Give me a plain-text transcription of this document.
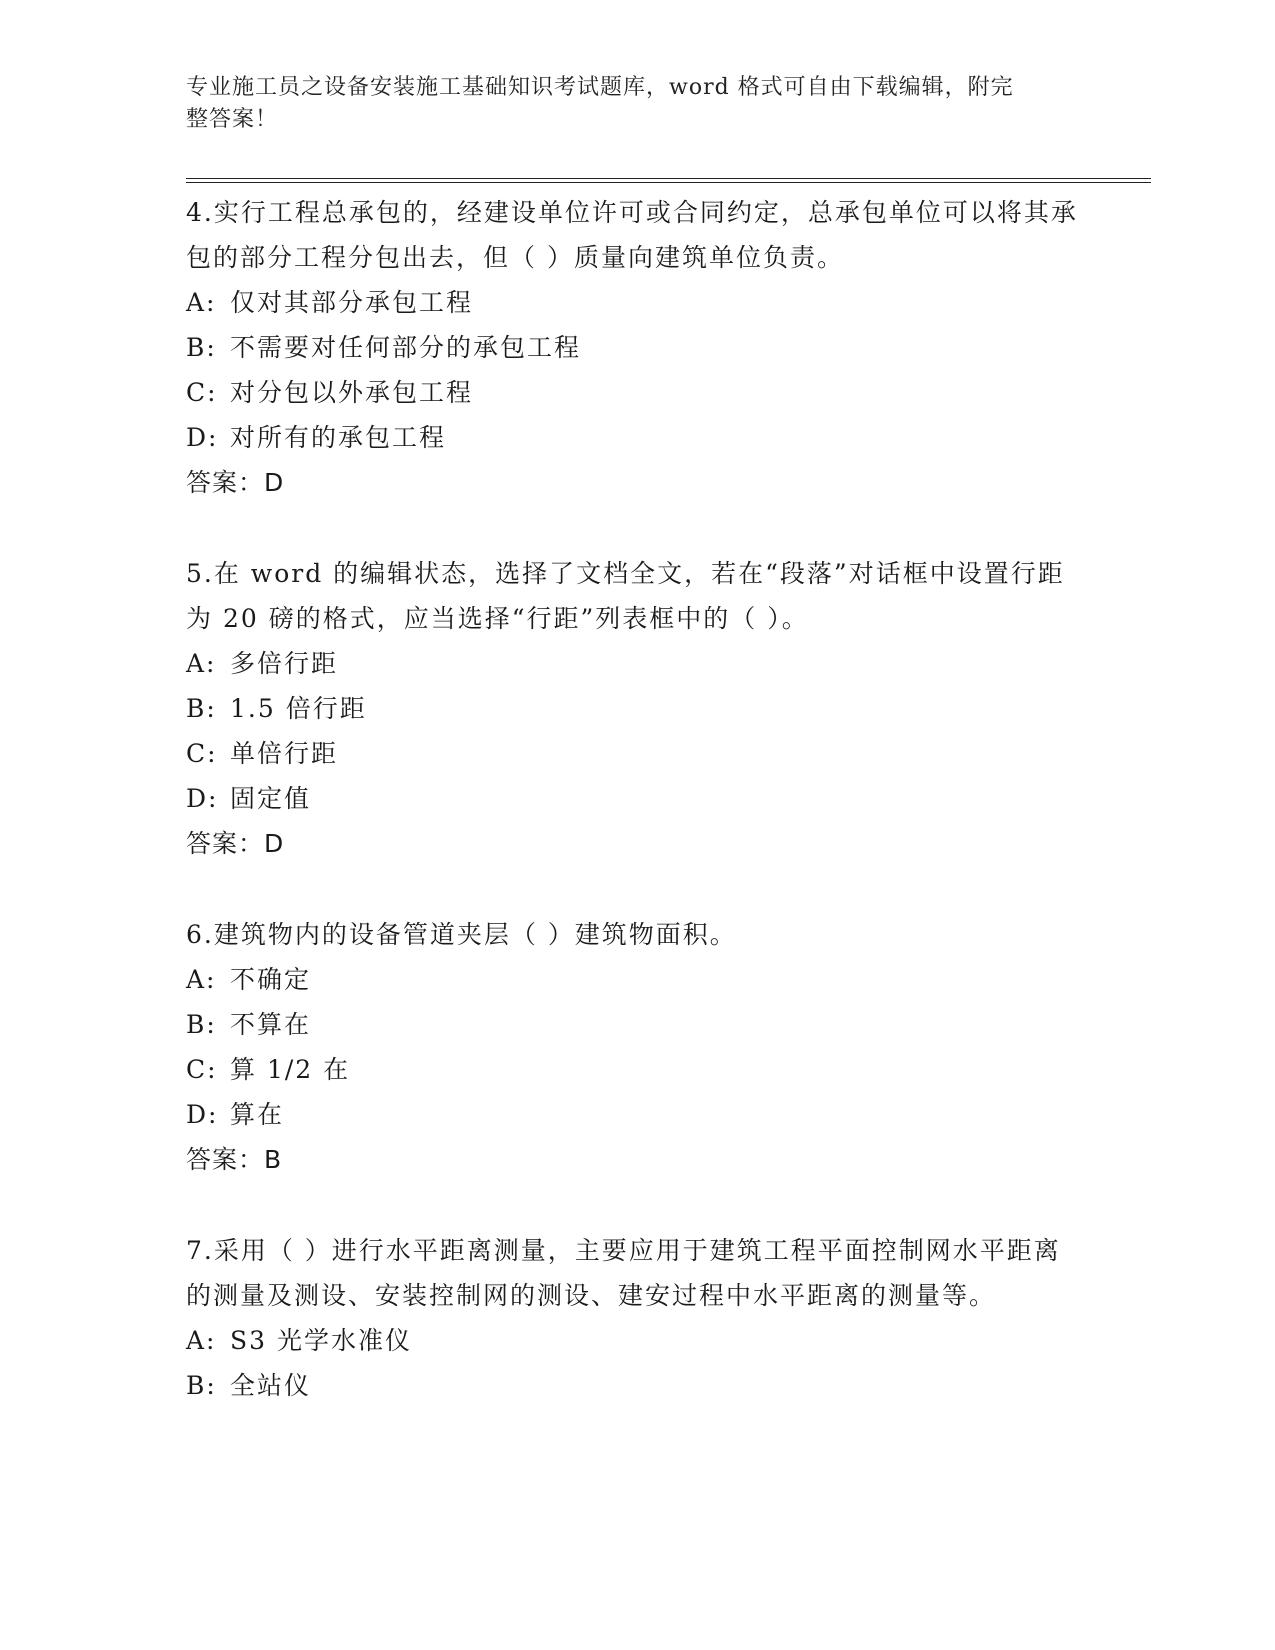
专业施工员之设备安装施工基础知识考试题库，word 格式可自由下载编辑，附完
整答案！

4.实行工程总承包的，经建设单位许可或合同约定，总承包单位可以将其承包的部分工程分包出去，但（ ）质量向建筑单位负责。

A: 仅对其部分承包工程

B: 不需要对任何部分的承包工程

C: 对分包以外承包工程

D: 对所有的承包工程

答案：D

5.在 word 的编辑状态，选择了文档全文，若在“段落”对话框中设置行距为 20 磅的格式，应当选择“行距”列表框中的（ ）。

A: 多倍行距

B: 1.5 倍行距

C: 单倍行距

D: 固定值

答案：D

6.建筑物内的设备管道夹层（ ）建筑物面积。

A: 不确定

B: 不算在

C: 算 1/2 在

D: 算在

答案：B

7.采用（ ）进行水平距离测量，主要应用于建筑工程平面控制网水平距离的测量及测设、安装控制网的测设、建安过程中水平距离的测量等。

A: S3 光学水准仪

B: 全站仪
